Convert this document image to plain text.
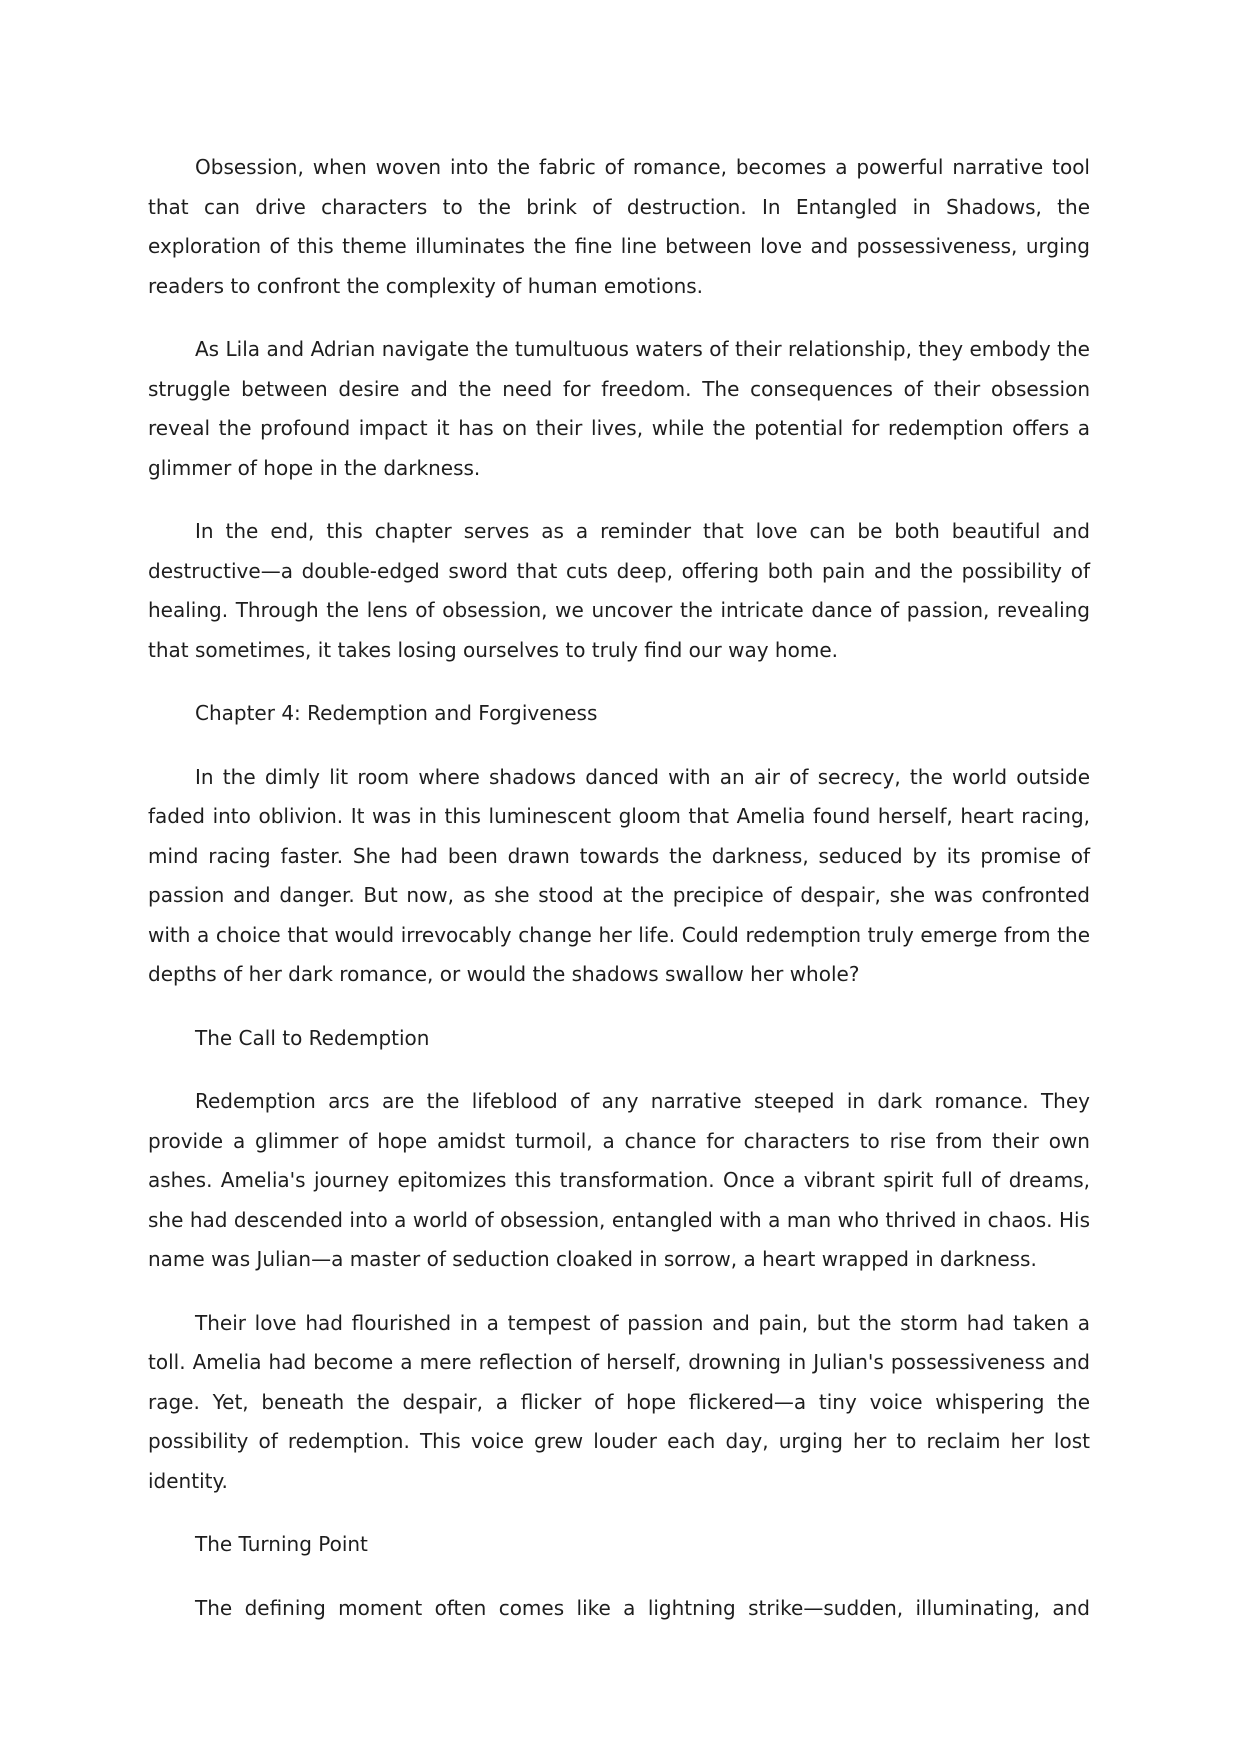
Obsession, when woven into the fabric of romance, becomes a powerful narrative tool that can drive characters to the brink of destruction. In Entangled in Shadows, the exploration of this theme illuminates the fine line between love and possessiveness, urging readers to confront the complexity of human emotions.

As Lila and Adrian navigate the tumultuous waters of their relationship, they embody the struggle between desire and the need for freedom. The consequences of their obsession reveal the profound impact it has on their lives, while the potential for redemption offers a glimmer of hope in the darkness.

In the end, this chapter serves as a reminder that love can be both beautiful and destructive—a double-edged sword that cuts deep, offering both pain and the possibility of healing. Through the lens of obsession, we uncover the intricate dance of passion, revealing that sometimes, it takes losing ourselves to truly find our way home.

Chapter 4: Redemption and Forgiveness

In the dimly lit room where shadows danced with an air of secrecy, the world outside faded into oblivion. It was in this luminescent gloom that Amelia found herself, heart racing, mind racing faster. She had been drawn towards the darkness, seduced by its promise of passion and danger. But now, as she stood at the precipice of despair, she was confronted with a choice that would irrevocably change her life. Could redemption truly emerge from the depths of her dark romance, or would the shadows swallow her whole?

The Call to Redemption

Redemption arcs are the lifeblood of any narrative steeped in dark romance. They provide a glimmer of hope amidst turmoil, a chance for characters to rise from their own ashes. Amelia's journey epitomizes this transformation. Once a vibrant spirit full of dreams, she had descended into a world of obsession, entangled with a man who thrived in chaos. His name was Julian—a master of seduction cloaked in sorrow, a heart wrapped in darkness.

Their love had flourished in a tempest of passion and pain, but the storm had taken a toll. Amelia had become a mere reflection of herself, drowning in Julian's possessiveness and rage. Yet, beneath the despair, a flicker of hope flickered—a tiny voice whispering the possibility of redemption. This voice grew louder each day, urging her to reclaim her lost identity.

The Turning Point

The defining moment often comes like a lightning strike—sudden, illuminating, and
